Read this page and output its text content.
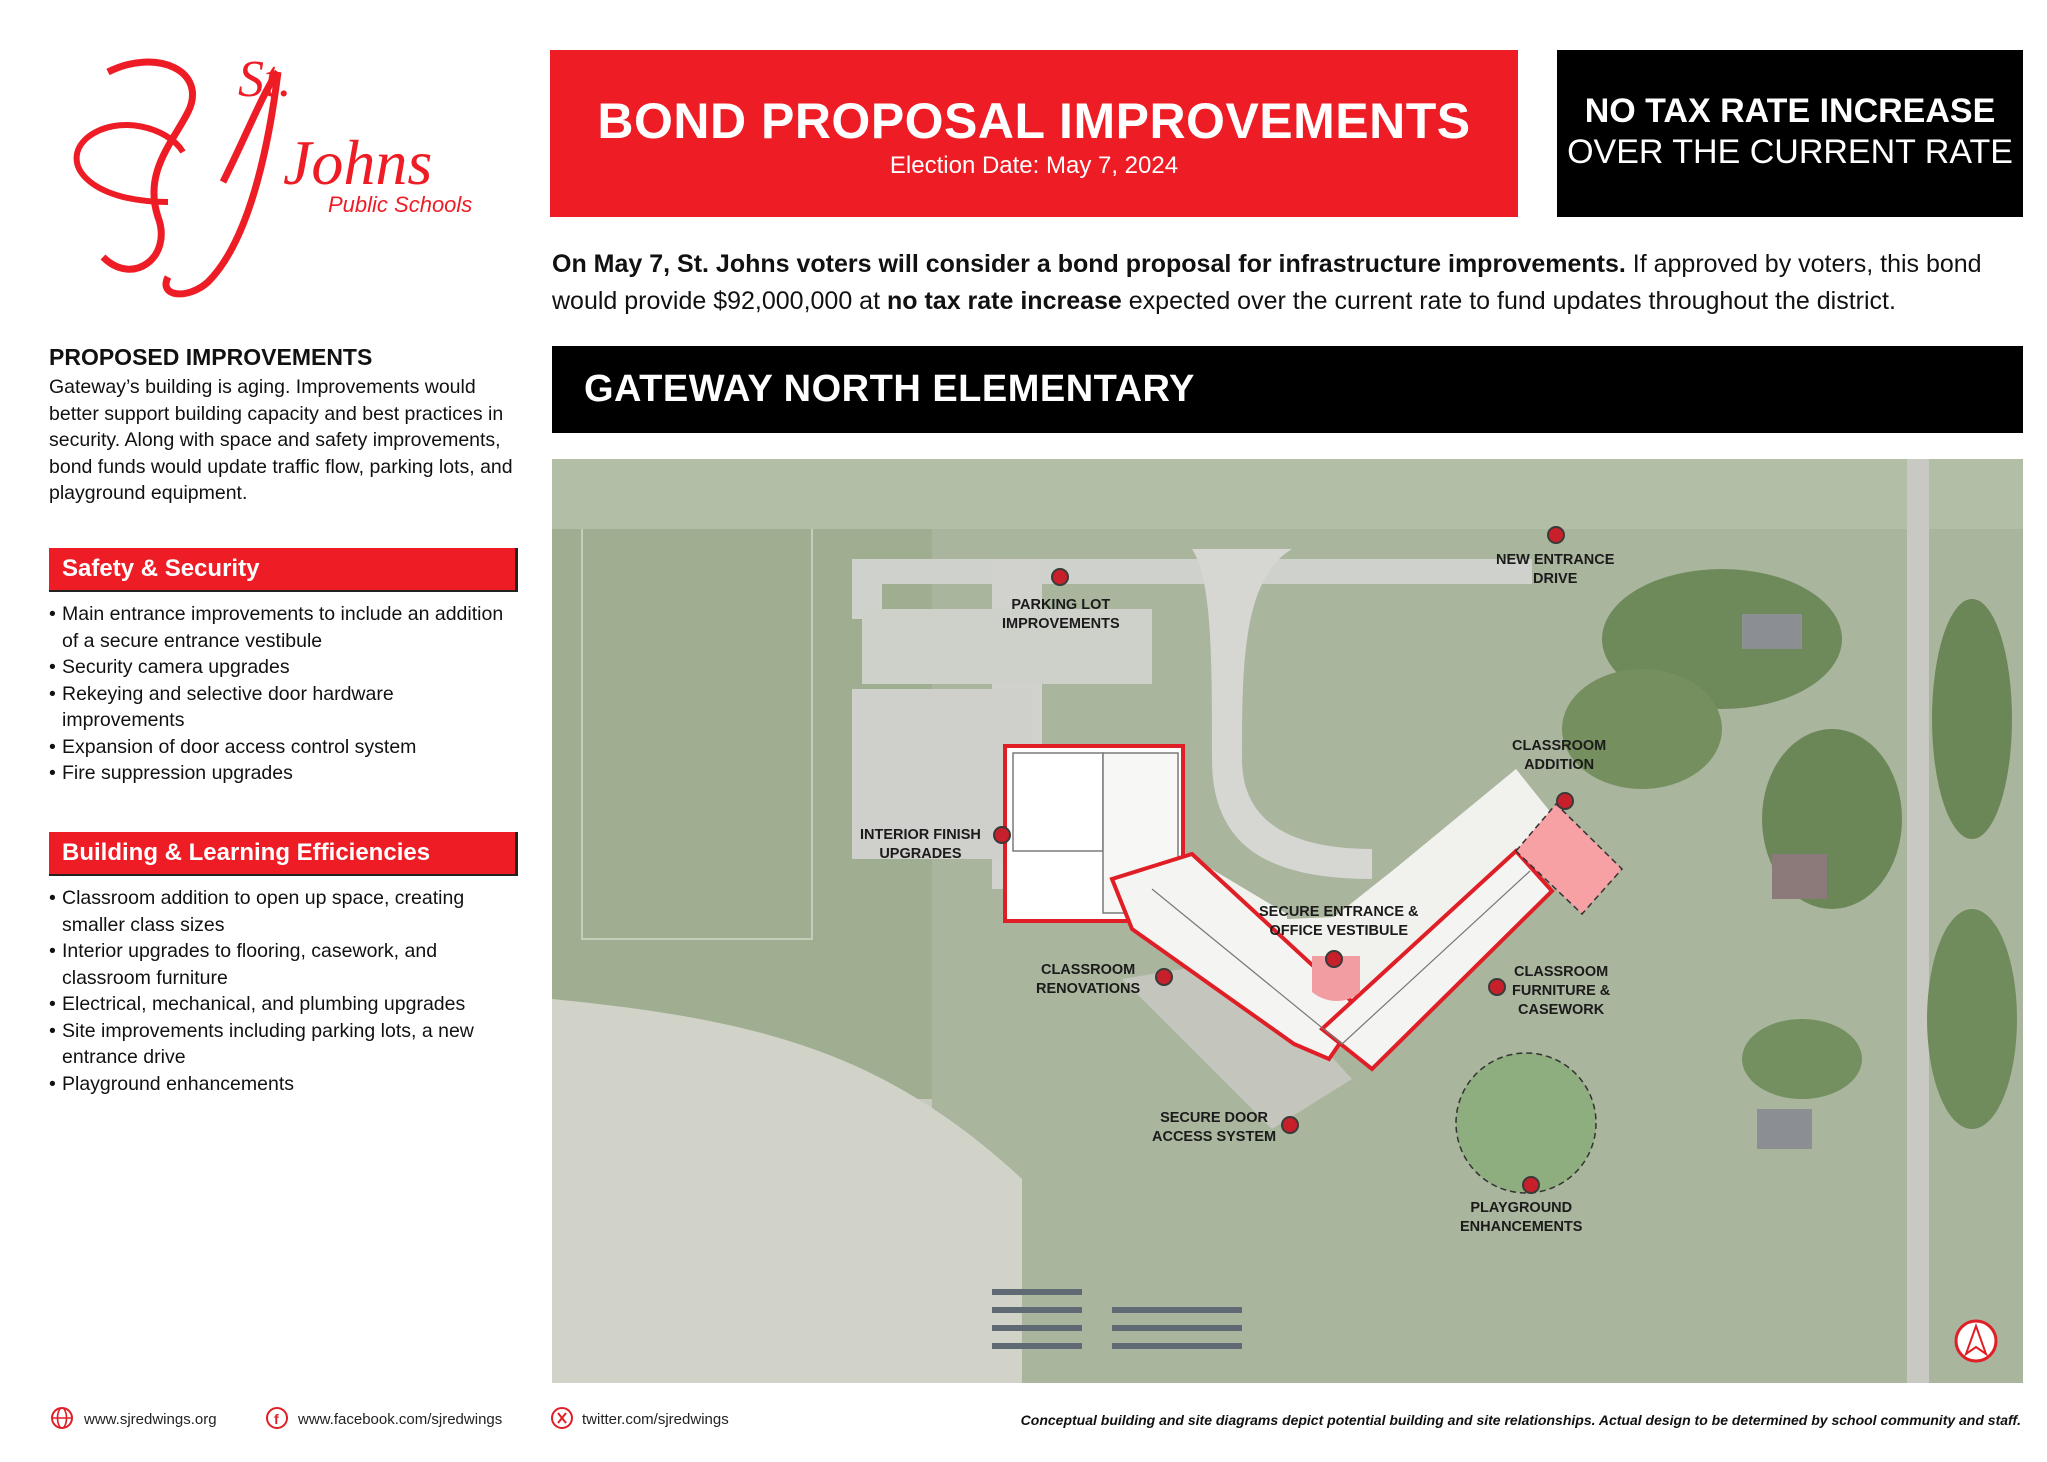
St.
Johns
Public Schools
BOND PROPOSAL IMPROVEMENTS
Election Date: May 7, 2024
NO TAX RATE INCREASE
OVER THE CURRENT RATE
On May 7, St. Johns voters will consider a bond proposal for infrastructure improvements. If approved by voters, this bond would provide $92,000,000 at no tax rate increase expected over the current rate to fund updates throughout the district.
GATEWAY NORTH ELEMENTARY
PROPOSED IMPROVEMENTS
Gateway’s building is aging. Improvements would better support building capacity and best practices in security. Along with space and safety improvements, bond funds would update traffic flow, parking lots, and playground equipment.
Safety & Security
• Main entrance improvements to include an addition of a secure entrance vestibule
• Security camera upgrades
• Rekeying and selective door hardware improvements
• Expansion of door access control system
• Fire suppression upgrades
Building & Learning Efficiencies
• Classroom addition to open up space, creating smaller class sizes
• Interior upgrades to flooring, casework, and classroom furniture
• Electrical, mechanical, and plumbing upgrades
• Site improvements including parking lots, a new entrance drive
• Playground enhancements
NEW ENTRANCE
DRIVE
PARKING LOT
IMPROVEMENTS
INTERIOR FINISH
UPGRADES
CLASSROOM
ADDITION
SECURE ENTRANCE &
OFFICE VESTIBULE
CLASSROOM
RENOVATIONS
CLASSROOM
FURNITURE &
CASEWORK
SECURE DOOR
ACCESS SYSTEM
PLAYGROUND
ENHANCEMENTS
www.sjredwings.org	f www.facebook.com/sjredwings	twitter.com/sjredwings	Conceptual building and site diagrams depict potential building and site relationships. Actual design to be determined by school community and staff.
